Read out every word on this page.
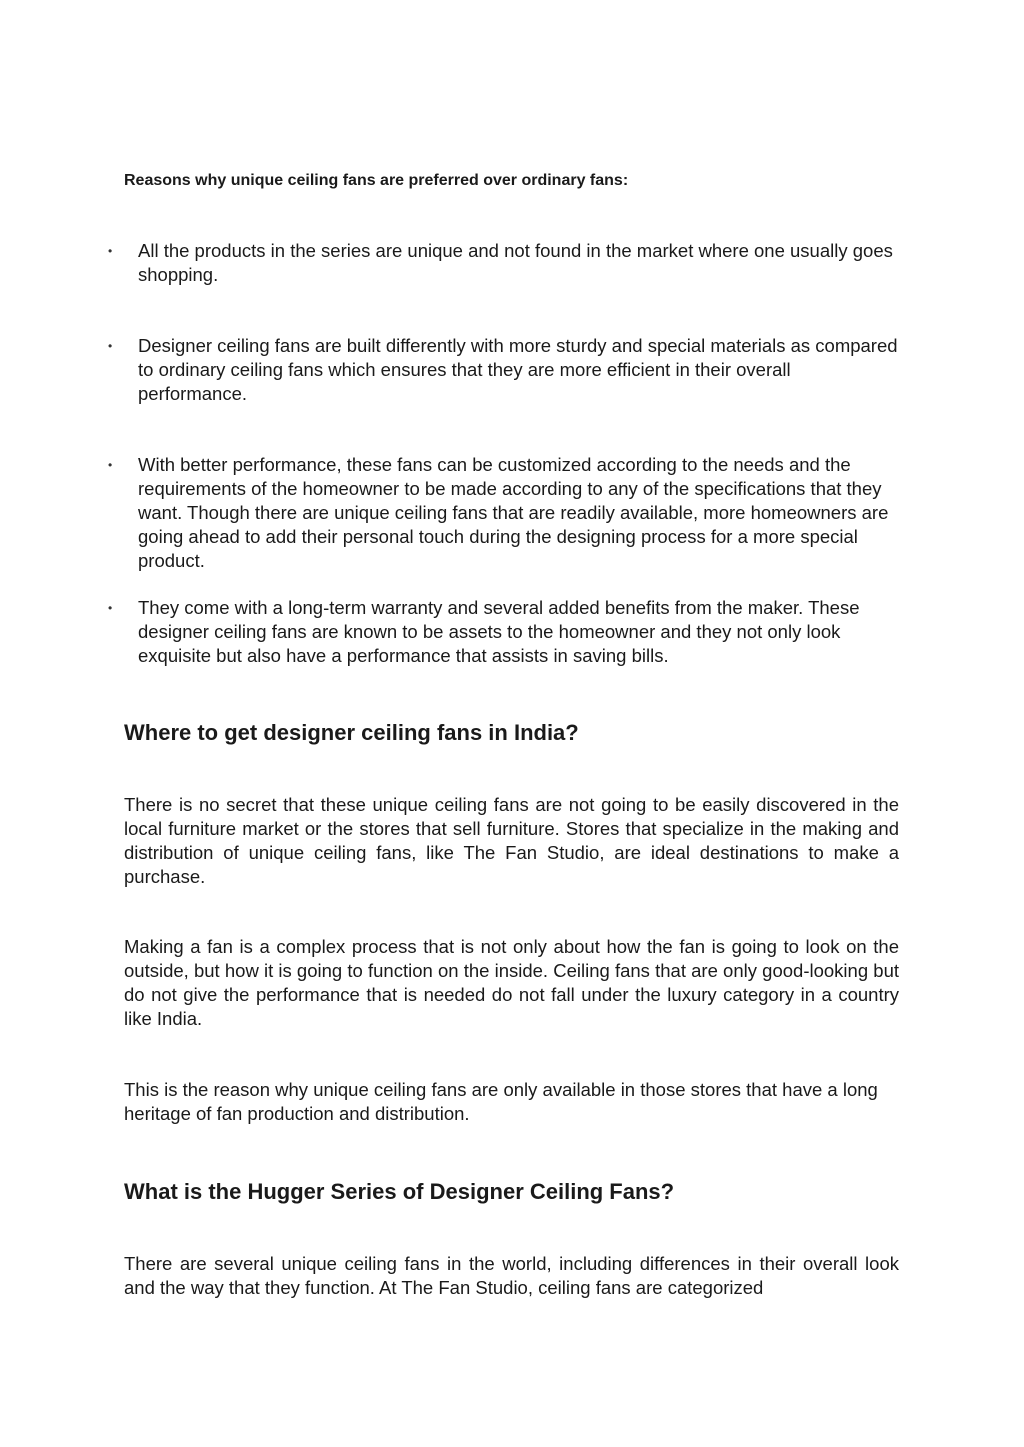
Reasons why unique ceiling fans are preferred over ordinary fans:
• All the products in the series are unique and not found in the market where one usually goes shopping.

• Designer ceiling fans are built differently with more sturdy and special materials as compared to ordinary ceiling fans which ensures that they are more efficient in their overall performance.

• With better performance, these fans can be customized according to the needs and the requirements of the homeowner to be made according to any of the specifications that they want. Though there are unique ceiling fans that are readily available, more homeowners are going ahead to add their personal touch during the designing process for a more special product.

• They come with a long-term warranty and several added benefits from the maker. These designer ceiling fans are known to be assets to the homeowner and they not only look exquisite but also have a performance that assists in saving bills.

Where to get designer ceiling fans in India?

There is no secret that these unique ceiling fans are not going to be easily discovered in the local furniture market or the stores that sell furniture. Stores that specialize in the making and distribution of unique ceiling fans, like The Fan Studio, are ideal destinations to make a purchase.

Making a fan is a complex process that is not only about how the fan is going to look on the outside, but how it is going to function on the inside. Ceiling fans that are only good-looking but do not give the performance that is needed do not fall under the luxury category in a country like India.

This is the reason why unique ceiling fans are only available in those stores that have a long heritage of fan production and distribution.

What is the Hugger Series of Designer Ceiling Fans?

There are several unique ceiling fans in the world, including differences in their overall look and the way that they function. At The Fan Studio, ceiling fans are categorized
